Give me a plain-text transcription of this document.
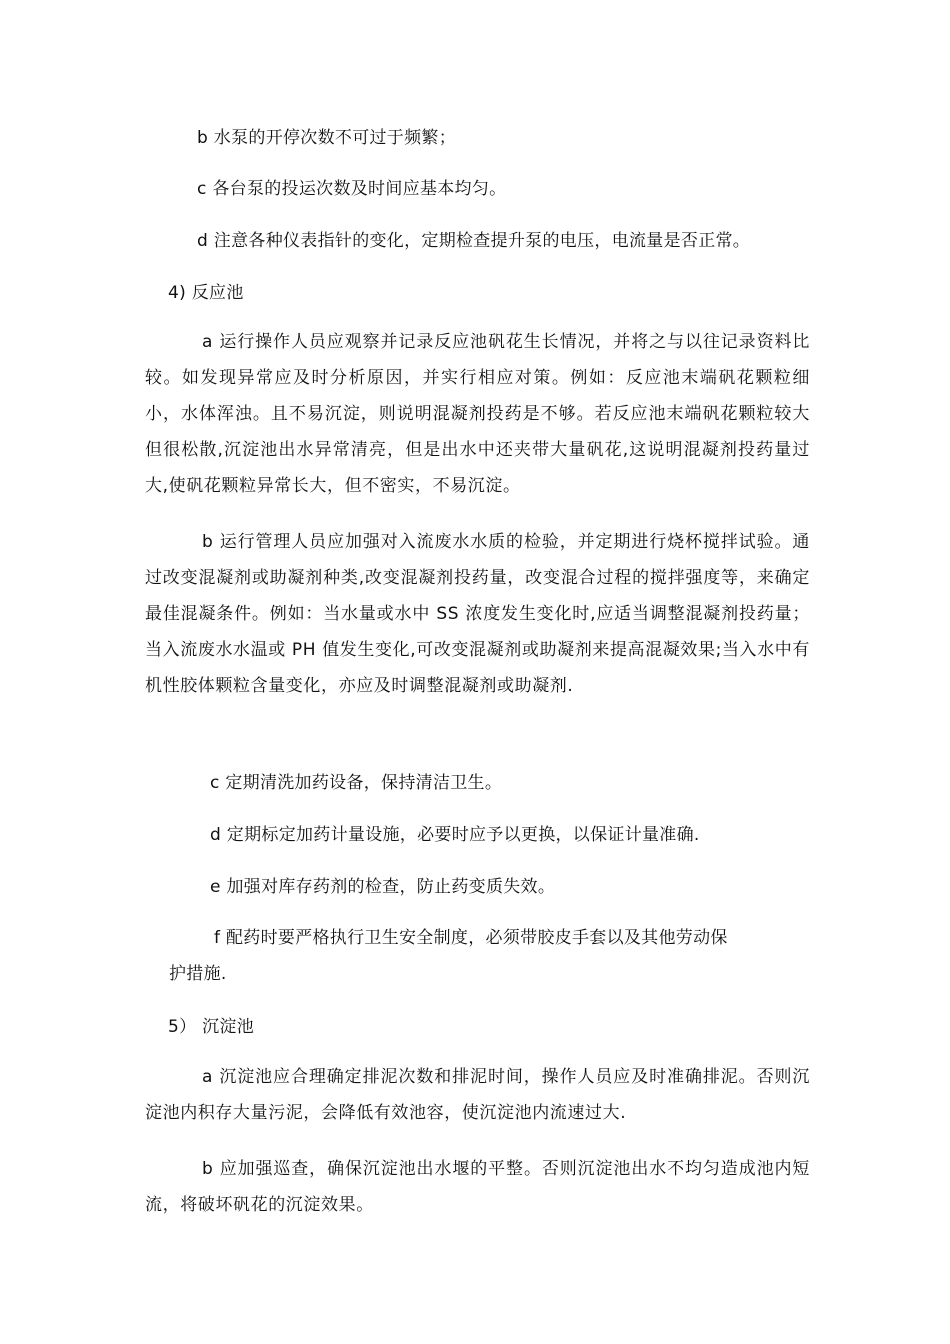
b 水泵的开停次数不可过于频繁；
c 各台泵的投运次数及时间应基本均匀。
d 注意各种仪表指针的变化，定期检查提升泵的电压，电流量是否正常。
4) 反应池
a 运行操作人员应观察并记录反应池矾花生长情况，并将之与以往记录资料比较。如发现异常应及时分析原因，并实行相应对策。例如：反应池末端矾花颗粒细小，水体浑浊。且不易沉淀，则说明混凝剂投药是不够。若反应池末端矾花颗粒较大但很松散,沉淀池出水异常清亮，但是出水中还夹带大量矾花,这说明混凝剂投药量过大,使矾花颗粒异常长大，但不密实，不易沉淀。
b 运行管理人员应加强对入流废水水质的检验，并定期进行烧杯搅拌试验。通过改变混凝剂或助凝剂种类,改变混凝剂投药量，改变混合过程的搅拌强度等，来确定最佳混凝条件。例如：当水量或水中 SS 浓度发生变化时,应适当调整混凝剂投药量；当入流废水水温或 PH 值发生变化,可改变混凝剂或助凝剂来提高混凝效果;当入水中有机性胶体颗粒含量变化，亦应及时调整混凝剂或助凝剂.
c 定期清洗加药设备，保持清洁卫生。
d 定期标定加药计量设施，必要时应予以更换，以保证计量准确.
e 加强对库存药剂的检查，防止药变质失效。
f 配药时要严格执行卫生安全制度，必须带胶皮手套以及其他劳动保
护措施.
5） 沉淀池
a 沉淀池应合理确定排泥次数和排泥时间，操作人员应及时准确排泥。否则沉淀池内积存大量污泥，会降低有效池容，使沉淀池内流速过大.
b 应加强巡查，确保沉淀池出水堰的平整。否则沉淀池出水不均匀造成池内短流，将破坏矾花的沉淀效果。
